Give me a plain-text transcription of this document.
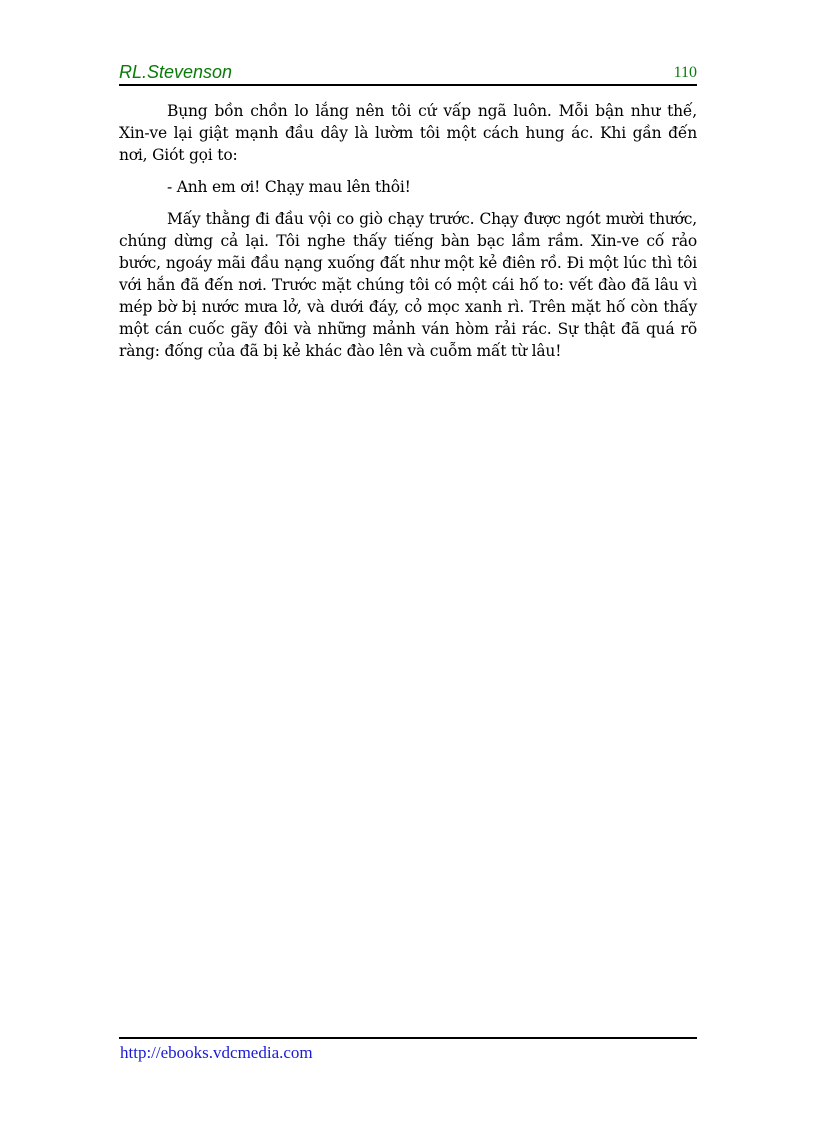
RL.Stevenson	110

Bụng bồn chồn lo lắng nên tôi cứ vấp ngã luôn. Mỗi bận như thế, Xin-ve lại giật mạnh đầu dây là lườm tôi một cách hung ác. Khi gần đến nơi, Giót gọi to:

- Anh em ơi! Chạy mau lên thôi!

Mấy thằng đi đầu vội co giò chạy trước. Chạy được ngót mười thước, chúng dừng cả lại. Tôi nghe thấy tiếng bàn bạc lầm rầm. Xin-ve cố rảo bước, ngoáy mãi đầu nạng xuống đất như một kẻ điên rồ. Đi một lúc thì tôi với hắn đã đến nơi. Trước mặt chúng tôi có một cái hố to: vết đào đã lâu vì mép bờ bị nước mưa lở, và dưới đáy, cỏ mọc xanh rì. Trên mặt hố còn thấy một cán cuốc gãy đôi và những mảnh ván hòm rải rác. Sự thật đã quá rõ ràng: đống của đã bị kẻ khác đào lên và cuỗm mất từ lâu!

http://ebooks.vdcmedia.com
